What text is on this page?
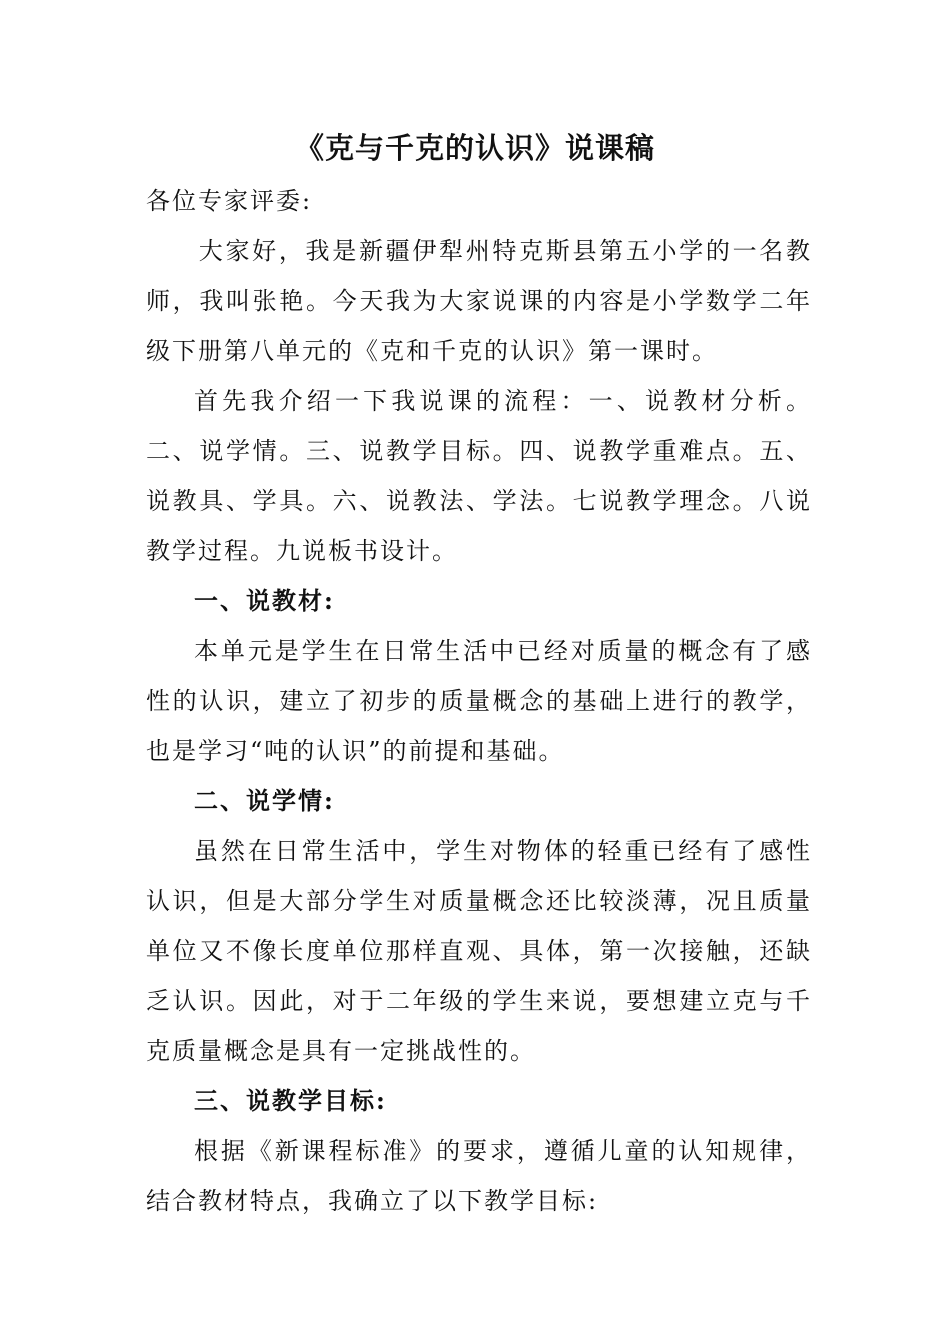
《克与千克的认识》说课稿

各位专家评委:

大家好，我是新疆伊犁州特克斯县第五小学的一名教师，我叫张艳。今天我为大家说课的内容是小学数学二年级下册第八单元的《克和千克的认识》第一课时。

首先我介绍一下我说课的流程：一、说教材分析。二、说学情。三、说教学目标。四、说教学重难点。五、说教具、学具。六、说教法、学法。七说教学理念。八说教学过程。九说板书设计。

一、说教材:

本单元是学生在日常生活中已经对质量的概念有了感性的认识，建立了初步的质量概念的基础上进行的教学，也是学习“吨的认识”的前提和基础。

二、说学情:

虽然在日常生活中，学生对物体的轻重已经有了感性认识，但是大部分学生对质量概念还比较淡薄，况且质量单位又不像长度单位那样直观、具体，第一次接触，还缺乏认识。因此，对于二年级的学生来说，要想建立克与千克质量概念是具有一定挑战性的。

三、说教学目标:

根据《新课程标准》的要求，遵循儿童的认知规律，结合教材特点，我确立了以下教学目标:
